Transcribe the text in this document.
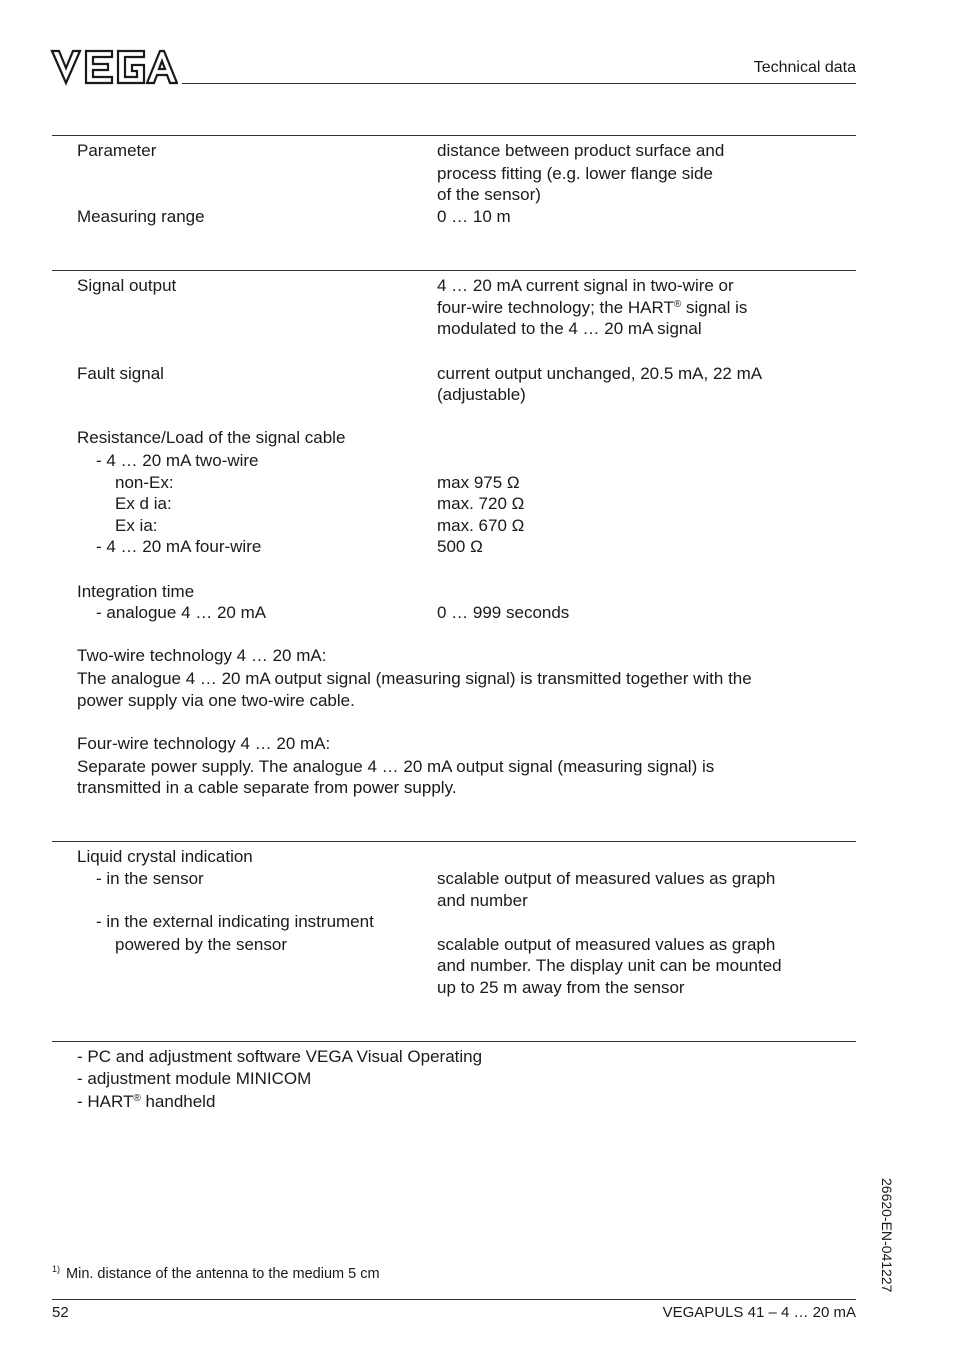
Technical data
Parameter	distance between product surface and
process fitting (e.g. lower flange side
of the sensor)
Measuring range	0 … 10 m
Signal output	4 … 20 mA current signal in two-wire or
four-wire technology; the HART® signal is
modulated to the 4 … 20 mA signal
Fault signal	current output unchanged, 20.5 mA, 22 mA
(adjustable)
Resistance/Load of the signal cable
- 4 … 20 mA two-wire
non-Ex:	max 975 Ω
Ex d ia:	max. 720 Ω
Ex ia:	max. 670 Ω
- 4 … 20 mA four-wire	500 Ω
Integration time
- analogue 4 … 20 mA	0 … 999 seconds
Two-wire technology 4 … 20 mA:
The analogue 4 … 20 mA output signal (measuring signal) is transmitted together with the
power supply via one two-wire cable.
Four-wire technology 4 … 20 mA:
Separate power supply. The analogue 4 … 20 mA output signal (measuring signal) is
transmitted in a cable separate from power supply.
Liquid crystal indication
- in the sensor	scalable output of measured values as graph
and number
- in the external indicating instrument
powered by the sensor	scalable output of measured values as graph
and number. The display unit can be mounted
up to 25 m away from the sensor
- PC and adjustment software VEGA Visual Operating
- adjustment module MINICOM
- HART® handheld
26620-EN-041227
$^{1)}$ Min. distance of the antenna to the medium 5 cm
52	VEGAPULS 41 – 4 … 20 mA
